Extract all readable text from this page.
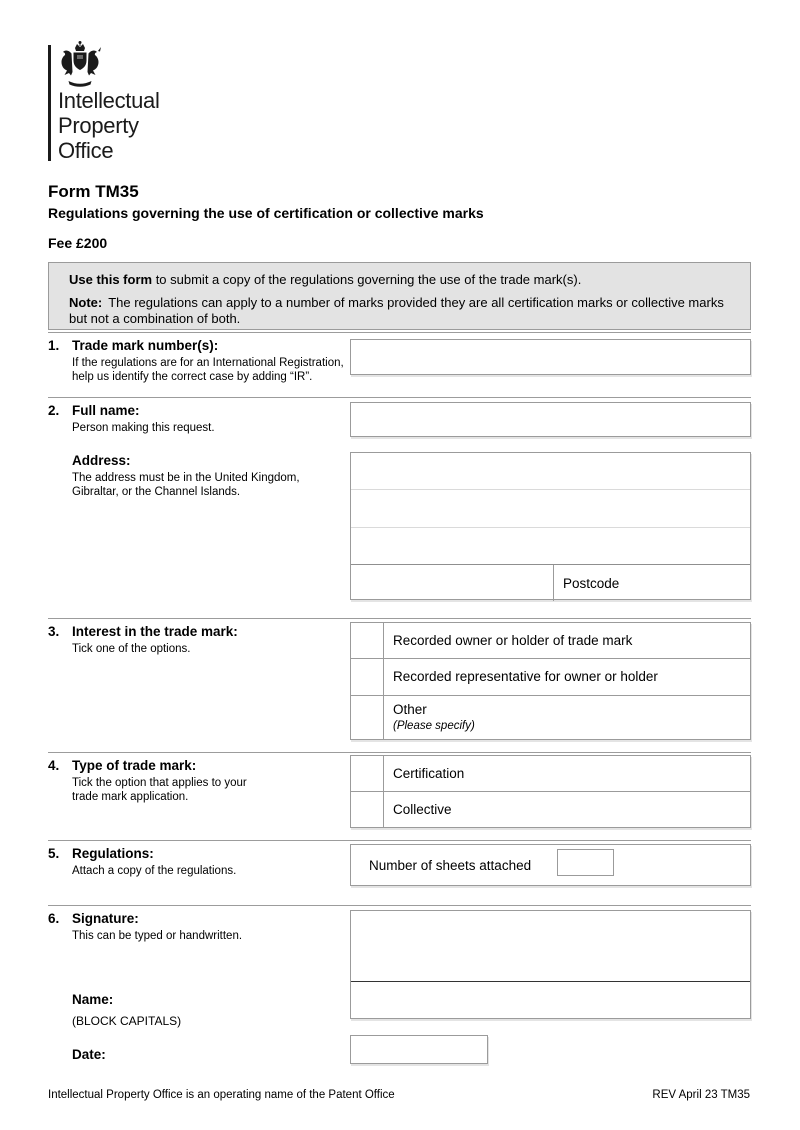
Intellectual
Property
Office
Form TM35
Regulations governing the use of certification or collective marks
Fee £200

Use this form to submit a copy of the regulations governing the use of the trade mark(s).

Note: The regulations can apply to a number of marks provided they are all certification marks or collective marks but not a combination of both.

1. Trade mark number(s):
If the regulations are for an International Registration,
help us identify the correct case by adding “IR”.
2. Full name:
Person making this request.
Address:
The address must be in the United Kingdom,
Gibraltar, or the Channel Islands.
Postcode
3. Interest in the trade mark:
Tick one of the options.
Recorded owner or holder of trade mark
Recorded representative for owner or holder
Other
(Please specify)
4. Type of trade mark:
Tick the option that applies to your
trade mark application.
Certification
Collective
5. Regulations:
Attach a copy of the regulations.	Number of sheets attached
6. Signature:
This can be typed or handwritten.
Name:
(BLOCK CAPITALS)
Date:
Intellectual Property Office is an operating name of the Patent Office	REV April 23 TM35
